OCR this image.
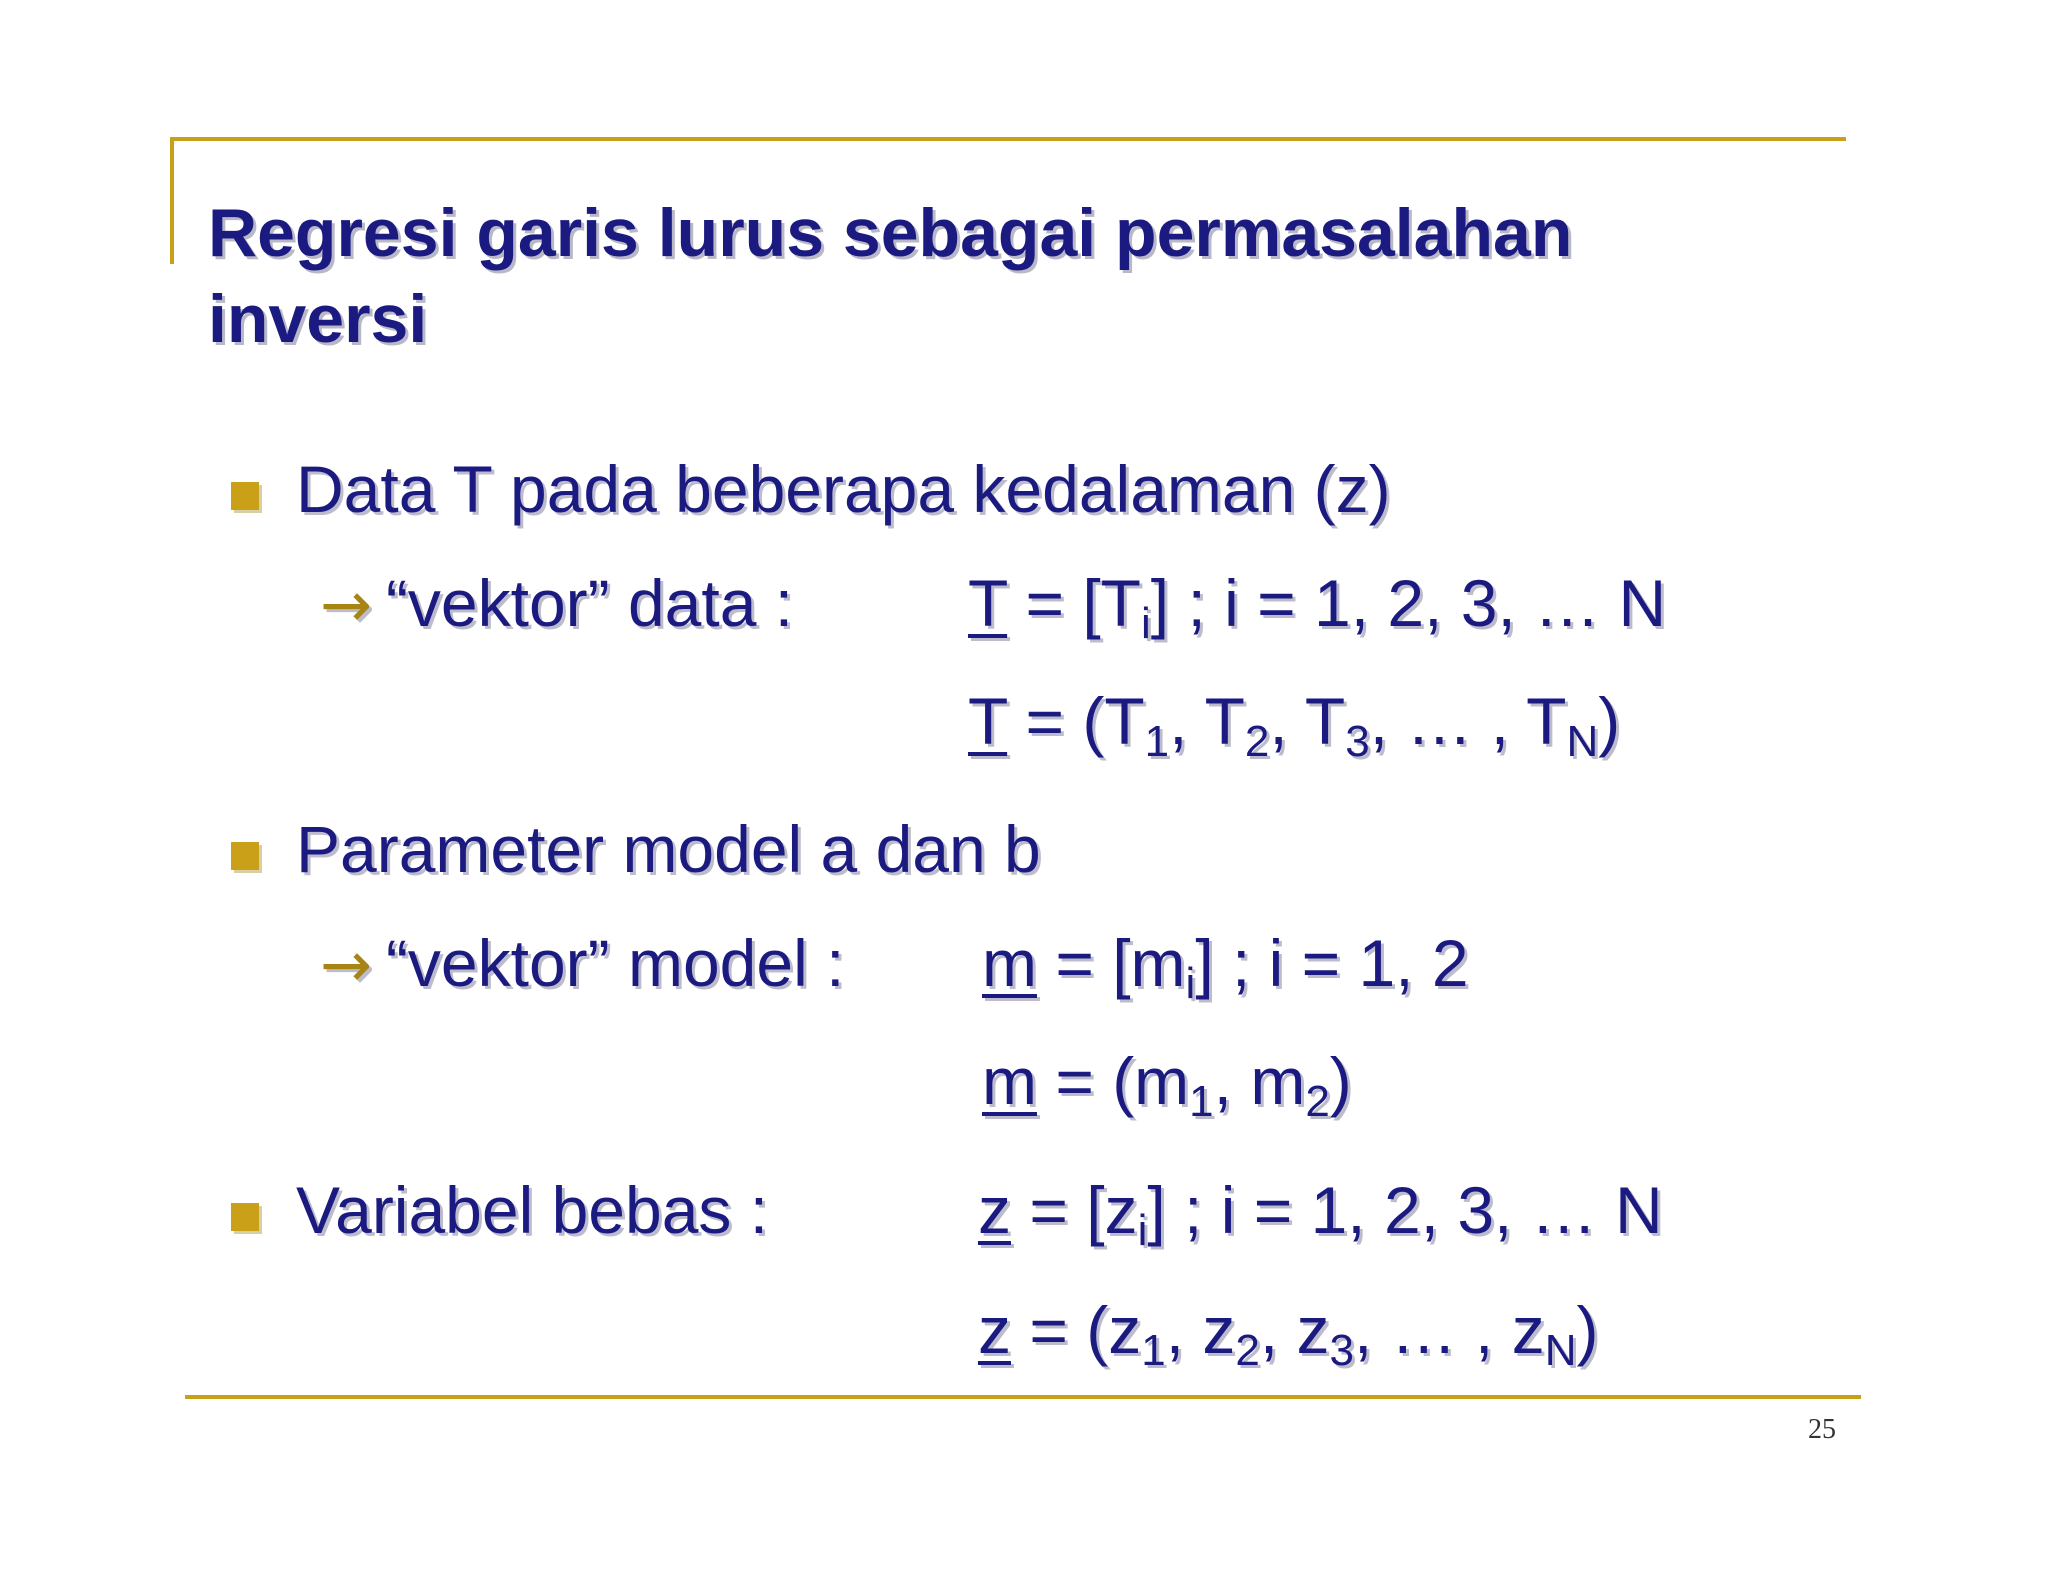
Regresi garis lurus sebagai permasalahan inversi
Data T pada beberapa kedalaman (z)
→ “vektor” data :	$T = [T_i]$ ; i = 1, 2, 3, … N
$T = (T_1$, $T_2$, $T_3$, … , $T_N$)
Parameter model a dan b
→ “vektor” model : $m = [m_i]$ ; i = 1, 2
$m = (m_1$, $m_2$)
Variabel bebas :	$z = [z_i]$ ; i = 1, 2, 3, … N
$z = (z_1$, $z_2$, $z_3$, … , $z_N$)
25
